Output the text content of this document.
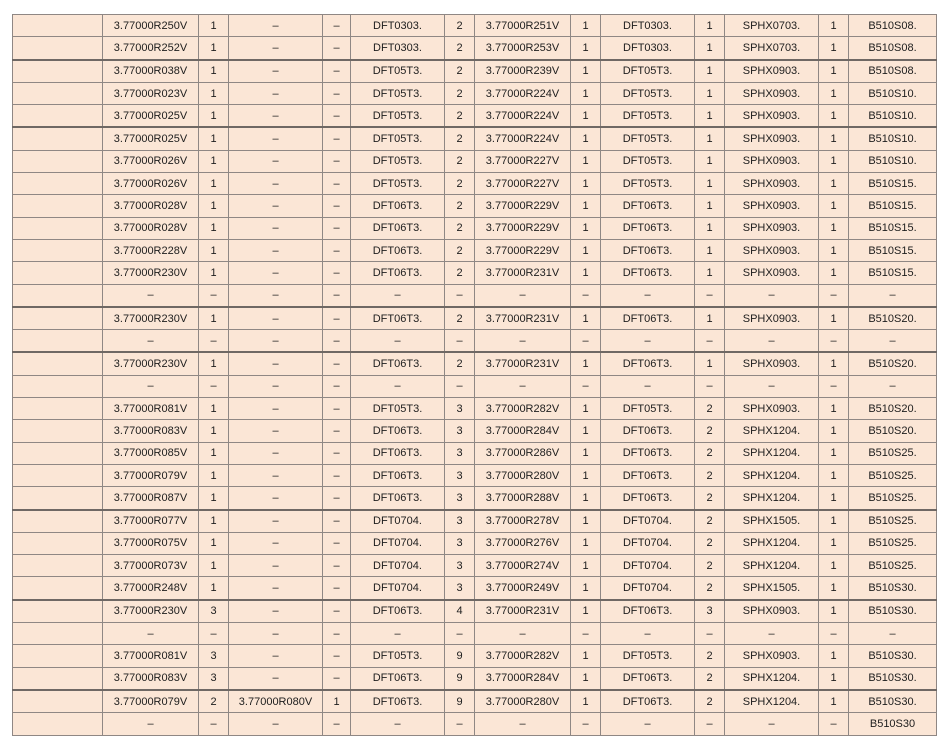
	3.77000R250V	1	–	–	DFT0303.	2	3.77000R251V	1	DFT0303.	1	SPHX0703.	1	B510S08.
	3.77000R252V	1	–	–	DFT0303.	2	3.77000R253V	1	DFT0303.	1	SPHX0703.	1	B510S08.
	3.77000R038V	1	–	–	DFT05T3.	2	3.77000R239V	1	DFT05T3.	1	SPHX0903.	1	B510S08.
	3.77000R023V	1	–	–	DFT05T3.	2	3.77000R224V	1	DFT05T3.	1	SPHX0903.	1	B510S10.
	3.77000R025V	1	–	–	DFT05T3.	2	3.77000R224V	1	DFT05T3.	1	SPHX0903.	1	B510S10.
	3.77000R025V	1	–	–	DFT05T3.	2	3.77000R224V	1	DFT05T3.	1	SPHX0903.	1	B510S10.
	3.77000R026V	1	–	–	DFT05T3.	2	3.77000R227V	1	DFT05T3.	1	SPHX0903.	1	B510S10.
	3.77000R026V	1	–	–	DFT05T3.	2	3.77000R227V	1	DFT05T3.	1	SPHX0903.	1	B510S15.
	3.77000R028V	1	–	–	DFT06T3.	2	3.77000R229V	1	DFT06T3.	1	SPHX0903.	1	B510S15.
	3.77000R028V	1	–	–	DFT06T3.	2	3.77000R229V	1	DFT06T3.	1	SPHX0903.	1	B510S15.
	3.77000R228V	1	–	–	DFT06T3.	2	3.77000R229V	1	DFT06T3.	1	SPHX0903.	1	B510S15.
	3.77000R230V	1	–	–	DFT06T3.	2	3.77000R231V	1	DFT06T3.	1	SPHX0903.	1	B510S15.
	–	–	–	–	–	–	–	–	–	–	–	–	–
	3.77000R230V	1	–	–	DFT06T3.	2	3.77000R231V	1	DFT06T3.	1	SPHX0903.	1	B510S20.
	–	–	–	–	–	–	–	–	–	–	–	–	–
	3.77000R230V	1	–	–	DFT06T3.	2	3.77000R231V	1	DFT06T3.	1	SPHX0903.	1	B510S20.
	–	–	–	–	–	–	–	–	–	–	–	–	–
	3.77000R081V	1	–	–	DFT05T3.	3	3.77000R282V	1	DFT05T3.	2	SPHX0903.	1	B510S20.
	3.77000R083V	1	–	–	DFT06T3.	3	3.77000R284V	1	DFT06T3.	2	SPHX1204.	1	B510S20.
	3.77000R085V	1	–	–	DFT06T3.	3	3.77000R286V	1	DFT06T3.	2	SPHX1204.	1	B510S25.
	3.77000R079V	1	–	–	DFT06T3.	3	3.77000R280V	1	DFT06T3.	2	SPHX1204.	1	B510S25.
	3.77000R087V	1	–	–	DFT06T3.	3	3.77000R288V	1	DFT06T3.	2	SPHX1204.	1	B510S25.
	3.77000R077V	1	–	–	DFT0704.	3	3.77000R278V	1	DFT0704.	2	SPHX1505.	1	B510S25.
	3.77000R075V	1	–	–	DFT0704.	3	3.77000R276V	1	DFT0704.	2	SPHX1204.	1	B510S25.
	3.77000R073V	1	–	–	DFT0704.	3	3.77000R274V	1	DFT0704.	2	SPHX1204.	1	B510S25.
	3.77000R248V	1	–	–	DFT0704.	3	3.77000R249V	1	DFT0704.	2	SPHX1505.	1	B510S30.
	3.77000R230V	3	–	–	DFT06T3.	4	3.77000R231V	1	DFT06T3.	3	SPHX0903.	1	B510S30.
	–	–	–	–	–	–	–	–	–	–	–	–	–
	3.77000R081V	3	–	–	DFT05T3.	9	3.77000R282V	1	DFT05T3.	2	SPHX0903.	1	B510S30.
	3.77000R083V	3	–	–	DFT06T3.	9	3.77000R284V	1	DFT06T3.	2	SPHX1204.	1	B510S30.
	3.77000R079V	2	3.77000R080V	1	DFT06T3.	9	3.77000R280V	1	DFT06T3.	2	SPHX1204.	1	B510S30.
	–	–	–	–	–	–	–	–	–	–	–	–	B510S30
